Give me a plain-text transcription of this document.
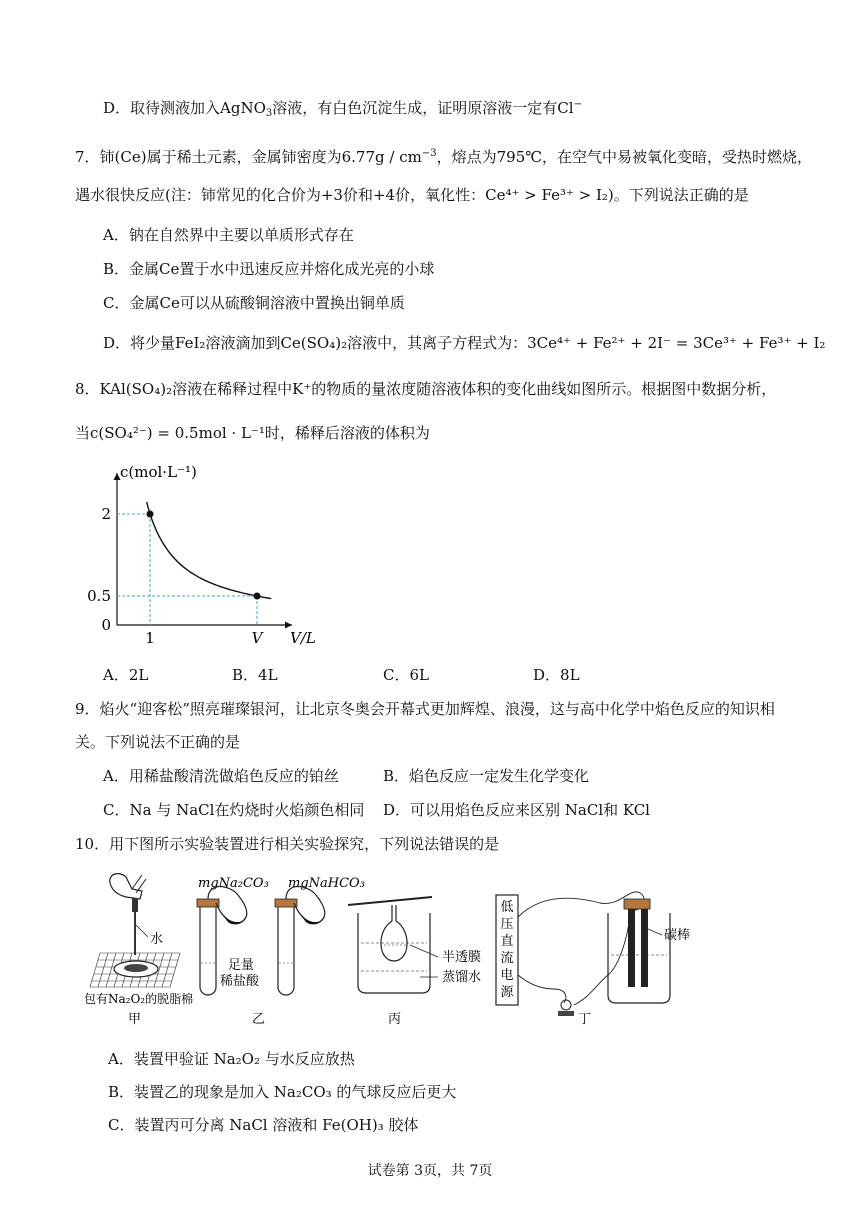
D．取待测液加入AgNO$_3$溶液，有白色沉淀生成，证明原溶液一定有Cl−
7．铈(Ce)属于稀土元素，金属铈密度为$6.77g / cm^{-3}$，熔点为795℃，在空气中易被氧化变暗，受热时燃烧，
遇水很快反应(注：铈常见的化合价为+3价和+4价，氧化性：Ce⁴⁺ > Fe³⁺ > I₂)。下列说法正确的是
A．钠在自然界中主要以单质形式存在
B．金属Ce置于水中迅速反应并熔化成光亮的小球
C．金属Ce可以从硫酸铜溶液中置换出铜单质
D．将少量FeI₂溶液滴加到Ce(SO₄)₂溶液中，其离子方程式为：3Ce⁴⁺ + Fe²⁺ + 2I⁻ = 3Ce³⁺ + Fe³⁺ + I₂
8．KAl(SO₄)₂溶液在稀释过程中K⁺的物质的量浓度随溶液体积的变化曲线如图所示。根据图中数据分析，
当c(SO₄²⁻) = 0.5mol · L⁻¹时，稀释后溶液的体积为
c(mol·L⁻¹)
V/L
2
0.5
0
1	V
A．2L	B．4L	C．6L	D．8L
9．焰火“迎客松”照亮璀璨银河，让北京冬奥会开幕式更加辉煌、浪漫，这与高中化学中焰色反应的知识相
关。下列说法不正确的是
A．用稀盐酸清洗做焰色反应的铂丝	B．焰色反应一定发生化学变化
C．Na 与 NaCl在灼烧时火焰颜色相同 D．可以用焰色反应来区别 NaCl和 KCl
10．用下图所示实验装置进行相关实验探究，下列说法错误的是
水
包有Na₂O₂的脱脂棉
甲
mgNa₂CO₃ mgNaHCO₃
足量
稀盐酸
乙
半透膜
蒸馏水
丙
低压直流电源
碳棒
丁
A．装置甲验证 Na₂O₂ 与水反应放热
B．装置乙的现象是加入 Na₂CO₃ 的气球反应后更大
C．装置丙可分离 NaCl 溶液和 Fe(OH)₃ 胶体
试卷第 3页，共 7页
